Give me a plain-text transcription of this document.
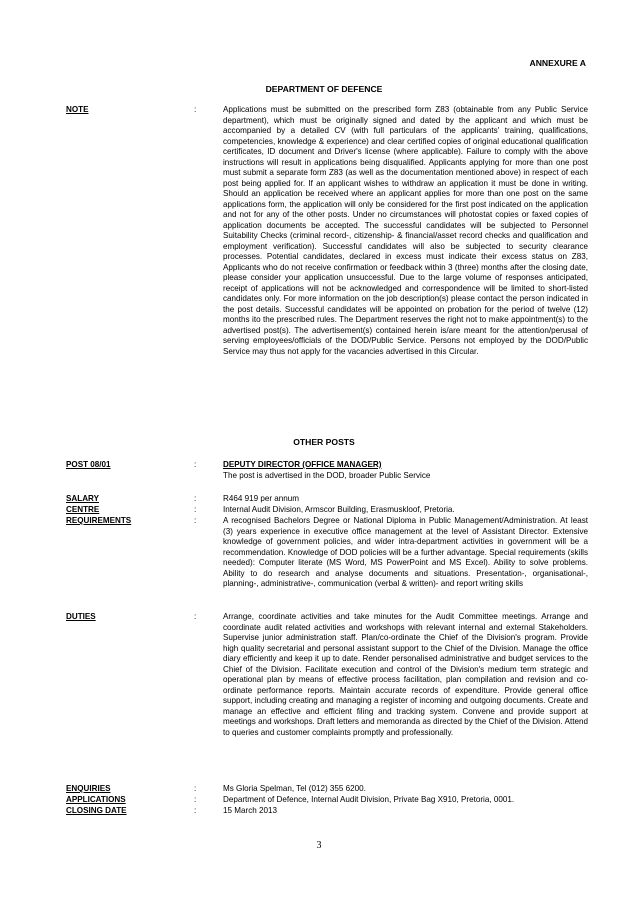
ANNEXURE A
DEPARTMENT OF DEFENCE
NOTE	:	Applications must be submitted on the prescribed form Z83 (obtainable from any Public Service department), which must be originally signed and dated by the applicant and which must be accompanied by a detailed CV (with full particulars of the applicants' training, qualifications, competencies, knowledge & experience) and clear certified copies of original educational qualification certificates, ID document and Driver's license (where applicable). Failure to comply with the above instructions will result in applications being disqualified. Applicants applying for more than one post must submit a separate form Z83 (as well as the documentation mentioned above) in respect of each post being applied for. If an applicant wishes to withdraw an application it must be done in writing. Should an application be received where an applicant applies for more than one post on the same applications form, the application will only be considered for the first post indicated on the application and not for any of the other posts. Under no circumstances will photostat copies or faxed copies of application documents be accepted. The successful candidates will be subjected to Personnel Suitability Checks (criminal record-, citizenship- & financial/asset record checks and qualification and employment verification). Successful candidates will also be subjected to security clearance processes. Potential candidates, declared in excess must indicate their excess status on Z83, Applicants who do not receive confirmation or feedback within 3 (three) months after the closing date, please consider your application unsuccessful. Due to the large volume of responses anticipated, receipt of applications will not be acknowledged and correspondence will be limited to short-listed candidates only. For more information on the job description(s) please contact the person indicated in the post details. Successful candidates will be appointed on probation for the period of twelve (12) months ito the prescribed rules. The Department reserves the right not to make appointment(s) to the advertised post(s). The advertisement(s) contained herein is/are meant for the attention/perusal of serving employees/officials of the DOD/Public Service. Persons not employed by the DOD/Public Service may thus not apply for the vacancies advertised in this Circular.
OTHER POSTS
POST 08/01	:	DEPUTY DIRECTOR (OFFICE MANAGER)
The post is advertised in the DOD, broader Public Service
SALARY	:	R464 919 per annum
CENTRE	:	Internal Audit Division, Armscor Building, Erasmuskloof, Pretoria.
REQUIREMENTS	:	A recognised Bachelors Degree or National Diploma in Public Management/Administration. At least (3) years experience in executive office management at the level of Assistant Director. Extensive knowledge of government policies, and wider intra-department activities in government will be a recommendation. Knowledge of DOD policies will be a further advantage. Special requirements (skills needed): Computer literate (MS Word, MS PowerPoint and MS Excel). Ability to solve problems. Ability to do research and analyse documents and situations. Presentation-, organisational-, planning-, administrative-, communication (verbal & written)- and report writing skills
DUTIES	:	Arrange, coordinate activities and take minutes for the Audit Committee meetings. Arrange and coordinate audit related activities and workshops with relevant internal and external Stakeholders. Supervise junior administration staff. Plan/co-ordinate the Chief of the Division's program. Provide high quality secretarial and personal assistant support to the Chief of the Division. Manage the office diary efficiently and keep it up to date. Render personalised administrative and budget services to the Chief of the Division. Facilitate execution and control of the Division's medium term strategic and operational plan by means of effective process facilitation, plan compilation and revision and co-ordinate performance reports. Maintain accurate records of expenditure. Provide general office support, including creating and managing a register of incoming and outgoing documents. Create and manage an effective and efficient filing and tracking system. Convene and provide support at meetings and workshops. Draft letters and memoranda as directed by the Chief of the Division. Attend to queries and customer complaints promptly and professionally.
ENQUIRIES	:	Ms Gloria Spelman, Tel (012) 355 6200.
APPLICATIONS	:	Department of Defence, Internal Audit Division, Private Bag X910, Pretoria, 0001.
CLOSING DATE	:	15 March 2013
3
